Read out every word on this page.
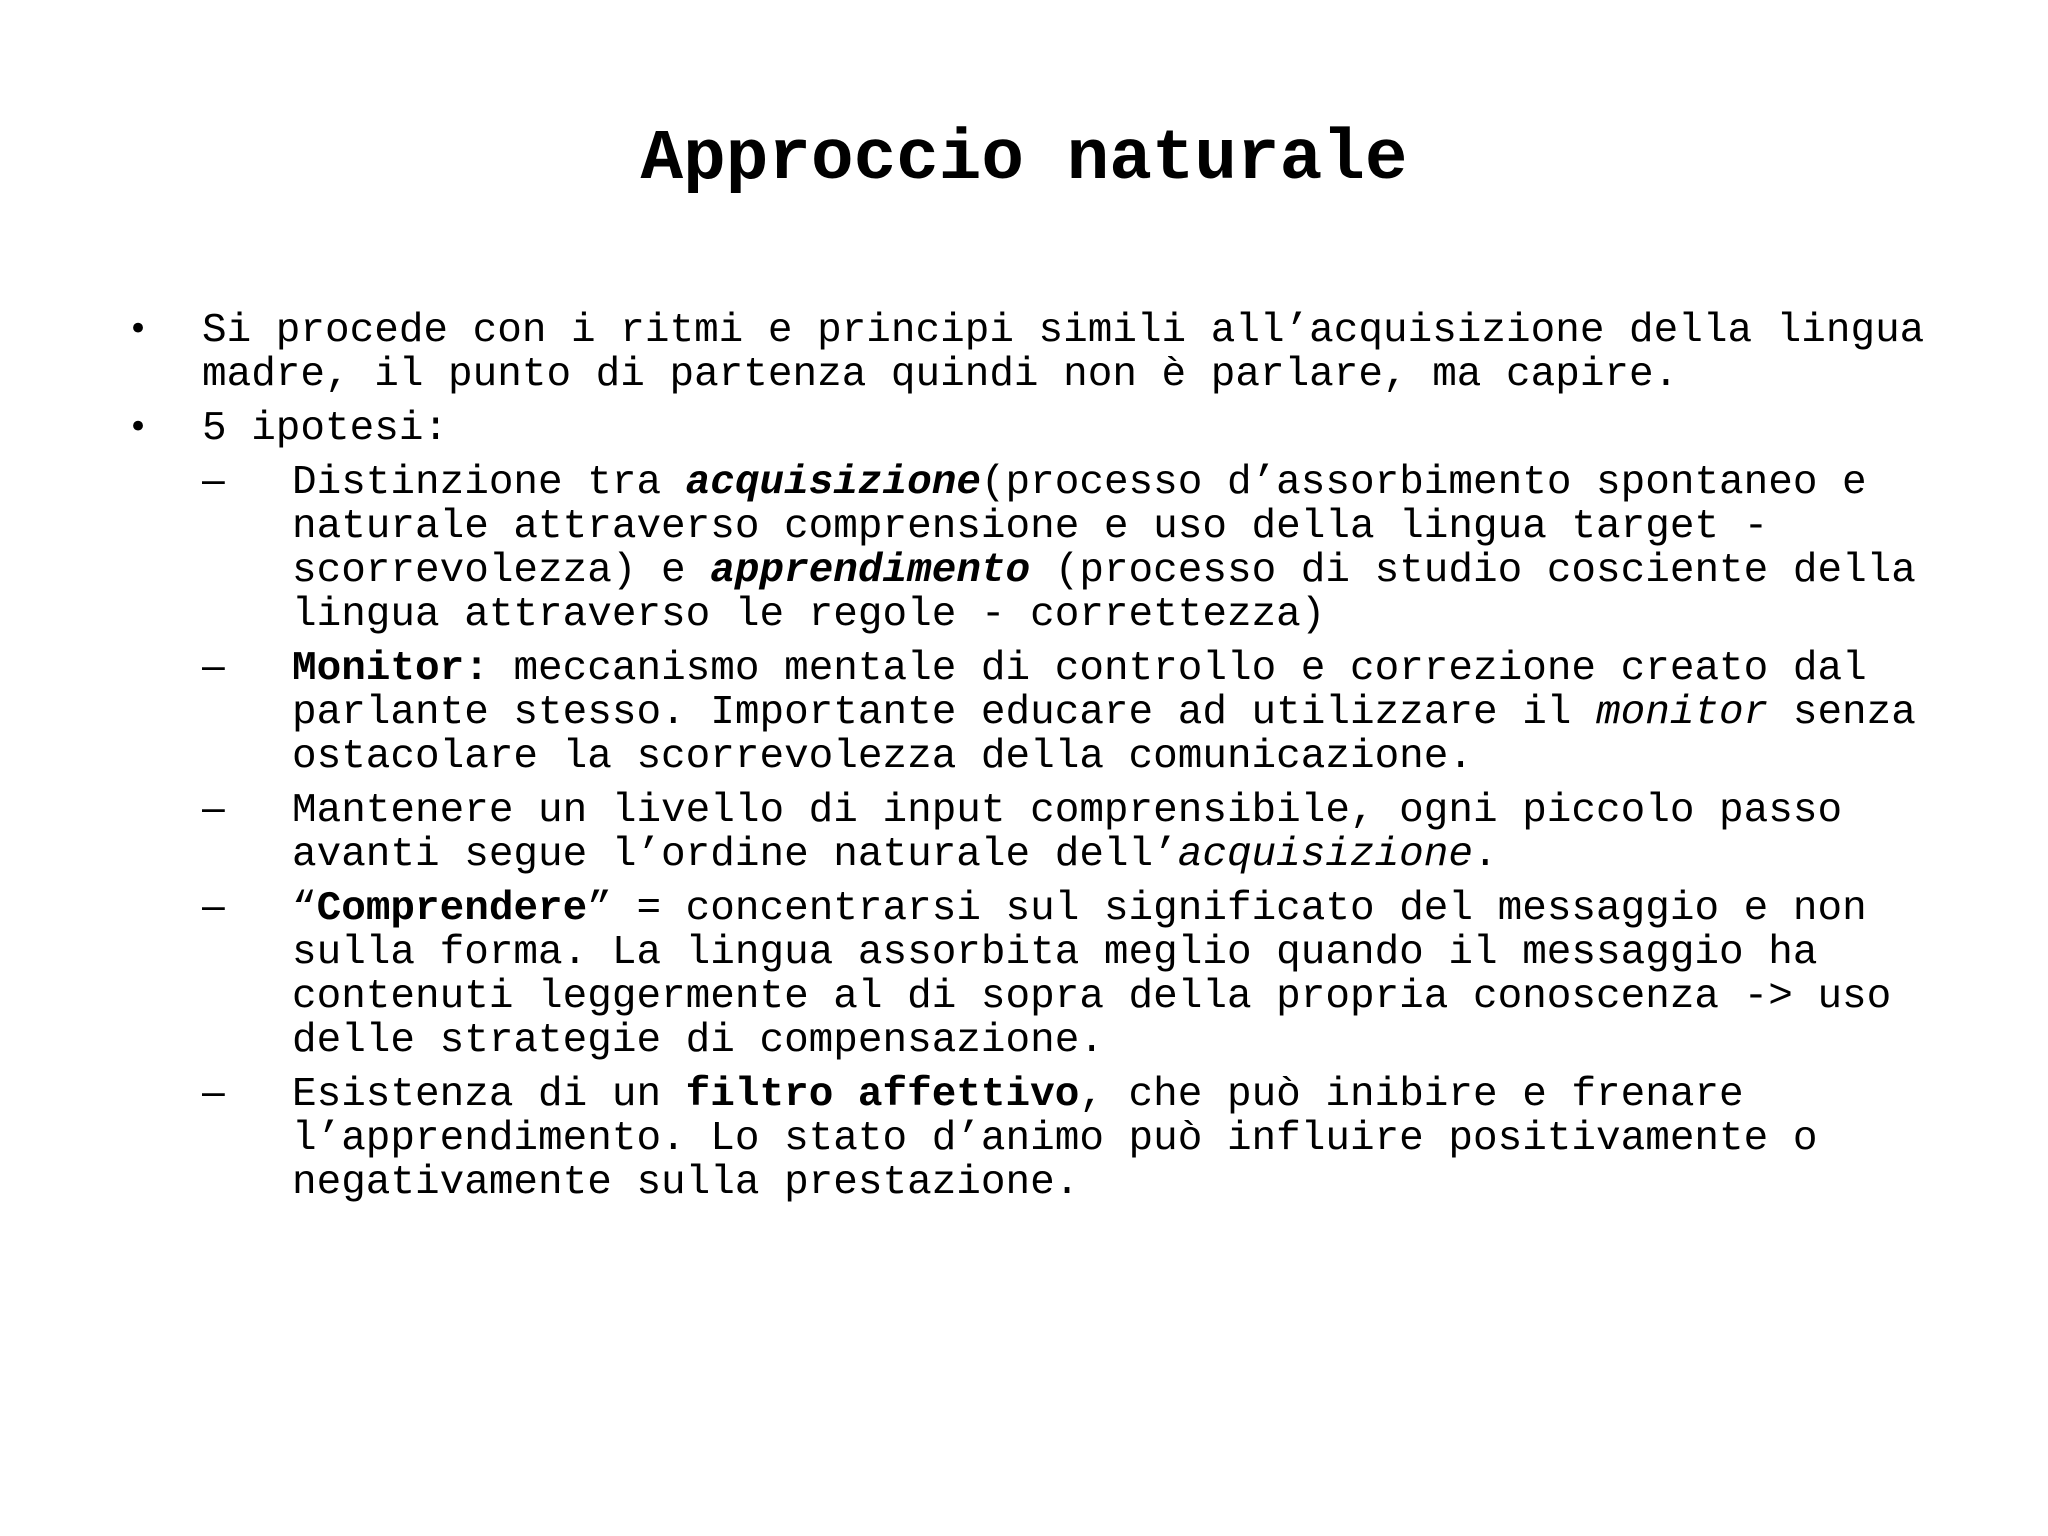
Approccio naturale
• Si procede con i ritmi e principi simili all’acquisizione della lingua madre, il punto di partenza quindi non è parlare, ma capire.
• 5 ipotesi:
– Distinzione tra acquisizione(processo d’assorbimento spontaneo e naturale attraverso comprensione e uso della lingua target - scorrevolezza) e apprendimento (processo di studio cosciente della lingua attraverso le regole - correttezza)
– Monitor: meccanismo mentale di controllo e correzione creato dal parlante stesso. Importante educare ad utilizzare il monitor senza ostacolare la scorrevolezza della comunicazione.
– Mantenere un livello di input comprensibile, ogni piccolo passo avanti segue l’ordine naturale dell’acquisizione.
– “Comprendere” = concentrarsi sul significato del messaggio e non sulla forma. La lingua assorbita meglio quando il messaggio ha contenuti leggermente al di sopra della propria conoscenza -> uso delle strategie di compensazione.
– Esistenza di un filtro affettivo, che può inibire e frenare l’apprendimento. Lo stato d’animo può influire positivamente o negativamente sulla prestazione.
